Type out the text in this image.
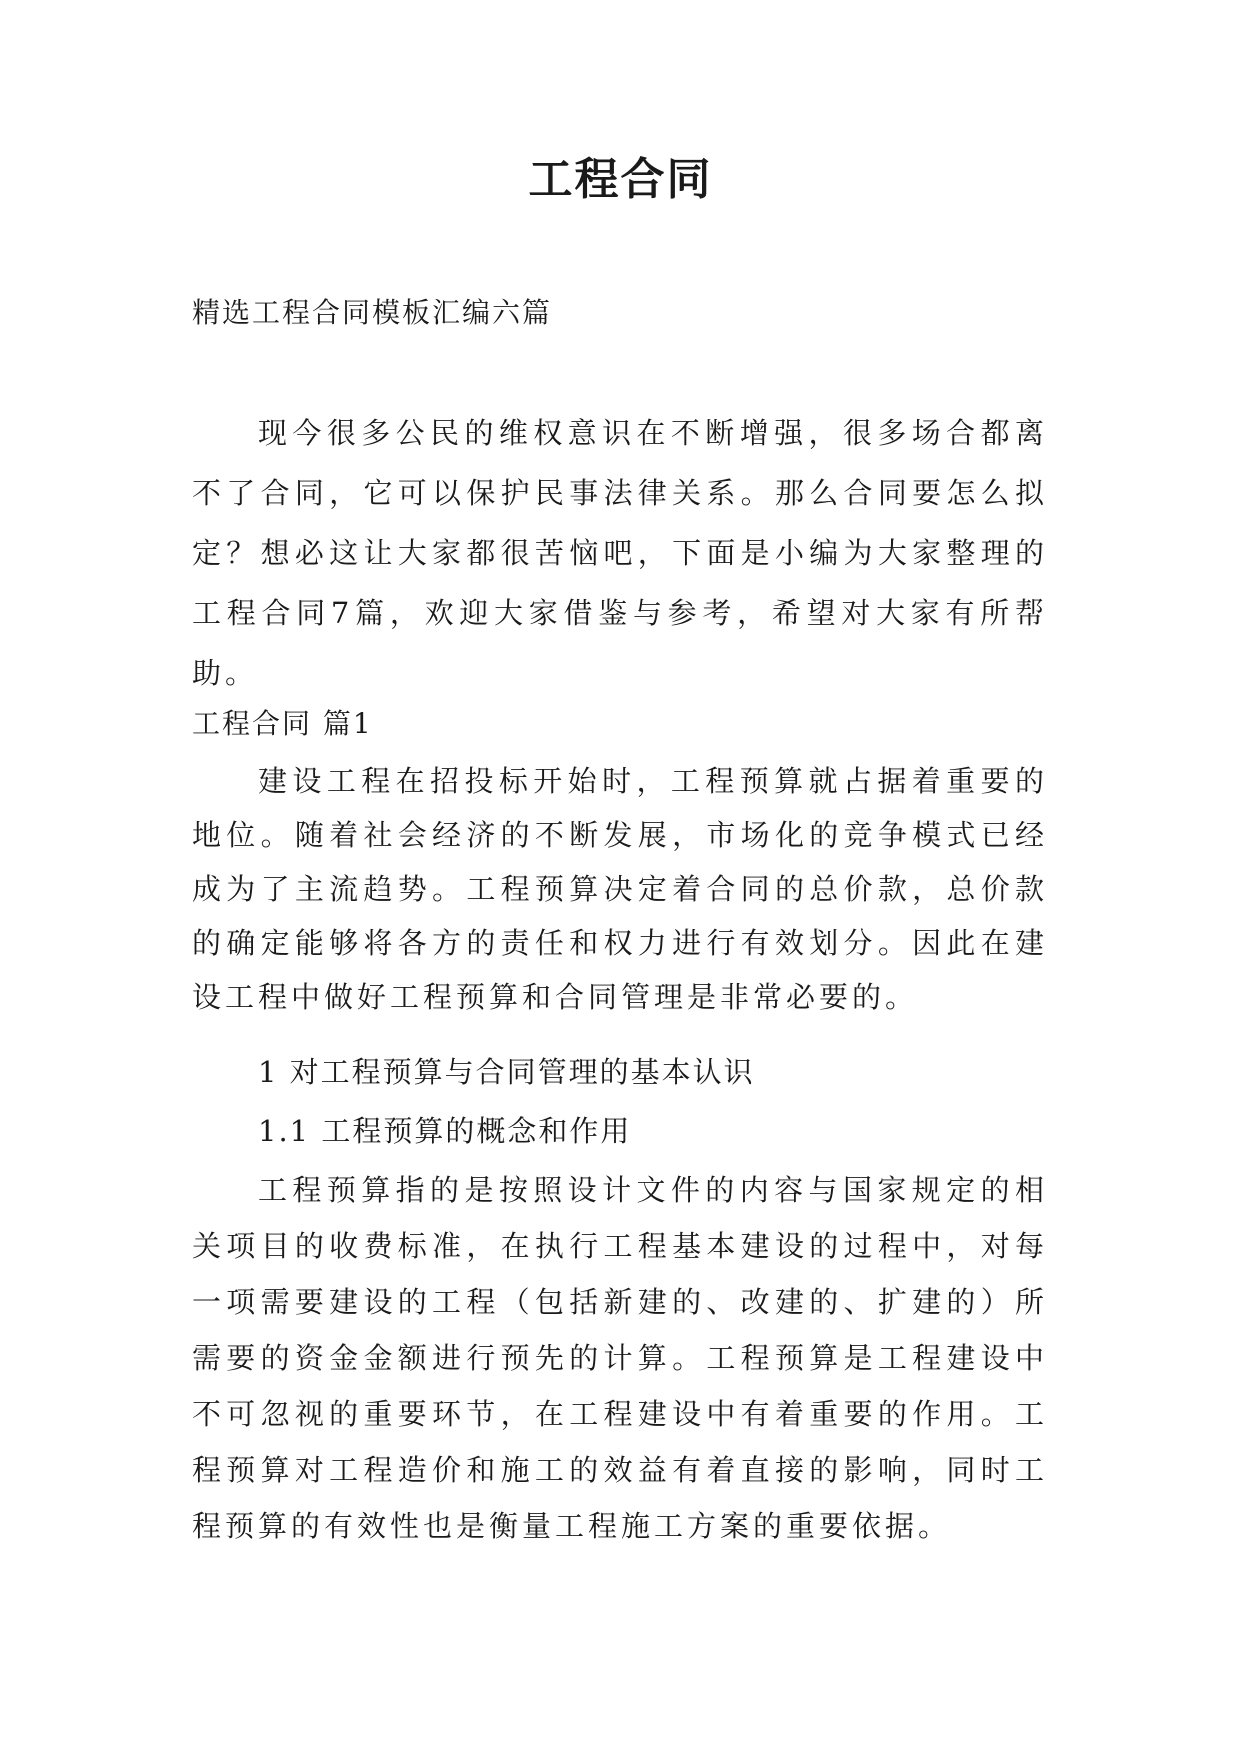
工程合同
精选工程合同模板汇编六篇

现今很多公民的维权意识在不断增强，很多场合都离不了合同，它可以保护民事法律关系。那么合同要怎么拟定？想必这让大家都很苦恼吧，下面是小编为大家整理的工程合同7篇，欢迎大家借鉴与参考，希望对大家有所帮助。

工程合同 篇1

建设工程在招投标开始时，工程预算就占据着重要的地位。随着社会经济的不断发展，市场化的竞争模式已经成为了主流趋势。工程预算决定着合同的总价款，总价款的确定能够将各方的责任和权力进行有效划分。因此在建设工程中做好工程预算和合同管理是非常必要的。

1 对工程预算与合同管理的基本认识
1.1 工程预算的概念和作用

工程预算指的是按照设计文件的内容与国家规定的相关项目的收费标准，在执行工程基本建设的过程中，对每一项需要建设的工程（包括新建的、改建的、扩建的）所需要的资金金额进行预先的计算。工程预算是工程建设中不可忽视的重要环节，在工程建设中有着重要的作用。工程预算对工程造价和施工的效益有着直接的影响，同时工程预算的有效性也是衡量工程施工方案的重要依据。
